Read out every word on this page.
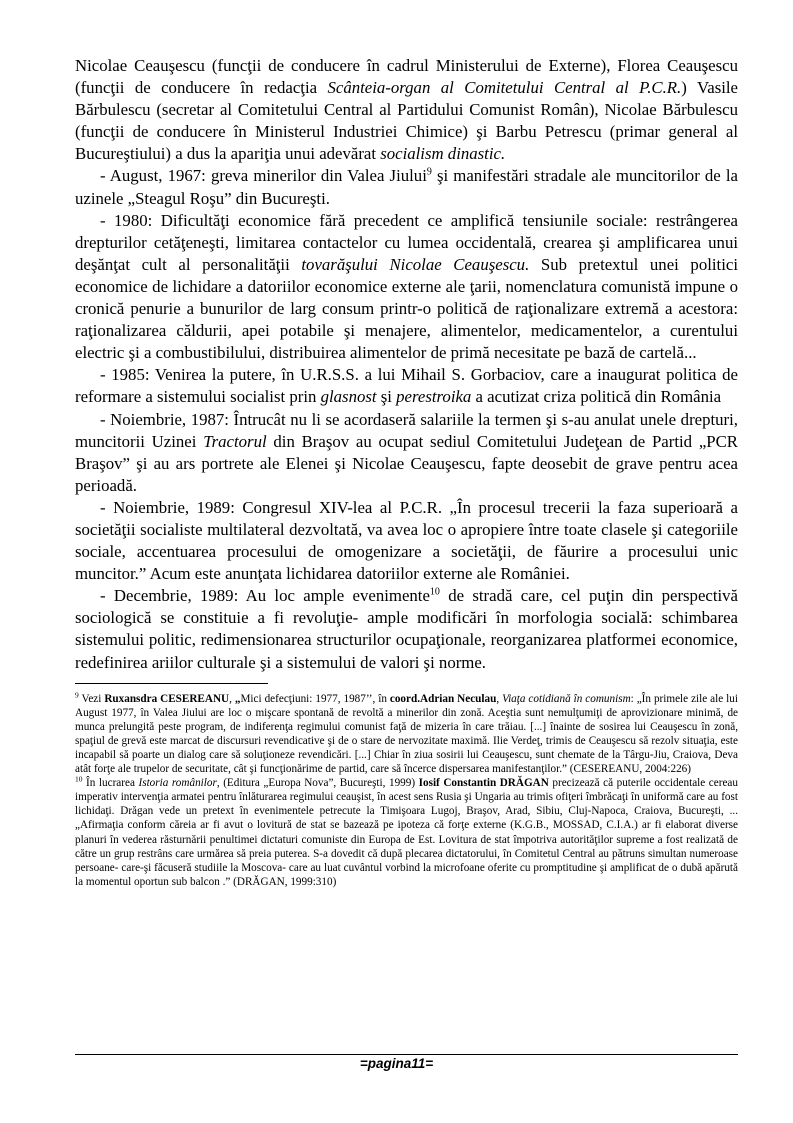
Nicolae Ceauşescu (funcţii de conducere în cadrul Ministerului de Externe), Florea Ceauşescu (funcţii de conducere în redacţia Scânteia-organ al Comitetului Central al P.C.R.) Vasile Bărbulescu (secretar al Comitetului Central al Partidului Comunist Român), Nicolae Bărbulescu (funcţii de conducere în Ministerul Industriei Chimice) şi Barbu Petrescu (primar general al Bucureştiului) a dus la apariţia unui adevărat socialism dinastic.

- August, 1967: greva minerilor din Valea Jiului$^9$ şi manifestări stradale ale muncitorilor de la uzinele „Steagul Roşu” din Bucureşti.

- 1980: Dificultăţi economice fără precedent ce amplifică tensiunile sociale: restrângerea drepturilor cetăţeneşti, limitarea contactelor cu lumea occidentală, crearea şi amplificarea unui deşănţat cult al personalităţii tovarăşului Nicolae Ceauşescu. Sub pretextul unei politici economice de lichidare a datoriilor economice externe ale ţarii, nomenclatura comunistă impune o cronică penurie a bunurilor de larg consum printr-o politică de raţionalizare extremă a acestora: raţionalizarea căldurii, apei potabile şi menajere, alimentelor, medicamentelor, a curentului electric şi a combustibilului, distribuirea alimentelor de primă necesitate pe bază de cartelă...

- 1985: Venirea la putere, în U.R.S.S. a lui Mihail S. Gorbaciov, care a inaugurat politica de reformare a sistemului socialist prin glasnost şi perestroika a acutizat criza politică din România

- Noiembrie, 1987: Întrucât nu li se acordaseră salariile la termen şi s-au anulat unele drepturi, muncitorii Uzinei Tractorul din Braşov au ocupat sediul Comitetului Judeţean de Partid „PCR Braşov” şi au ars portrete ale Elenei şi Nicolae Ceauşescu, fapte deosebit de grave pentru acea perioadă.

- Noiembrie, 1989: Congresul XIV-lea al P.C.R. „În procesul trecerii la faza superioară a societăţii socialiste multilateral dezvoltată, va avea loc o apropiere între toate clasele şi categoriile sociale, accentuarea procesului de omogenizare a societăţii, de făurire a procesului unic muncitor.” Acum este anunţata lichidarea datoriilor externe ale României.

- Decembrie, 1989: Au loc ample evenimente$^{10}$ de stradă care, cel puţin din perspectivă sociologică se constituie a fi revoluţie- ample modificări în morfologia socială: schimbarea sistemului politic, redimensionarea structurilor ocupaţionale, reorganizarea platformei economice, redefinirea ariilor culturale şi a sistemului de valori şi norme.

$^9$ Vezi Ruxansdra CESEREANU, „Mici defecţiuni: 1977, 1987’’, în coord.Adrian Neculau, Viaţa cotidiană în comunism: „În primele zile ale lui August 1977, în Valea Jiului are loc o mişcare spontană de revoltă a minerilor din zonă. Aceştia sunt nemulţumiţi de aprovizionare minimă, de munca prelungită peste program, de indiferenţa regimului comunist faţă de mizeria în care trăiau. [...] înainte de sosirea lui Ceauşescu în zonă, spaţiul de grevă este marcat de discursuri revendicative şi de o stare de nervozitate maximă. Ilie Verdeţ, trimis de Ceauşescu să rezolv situaţia, este incapabil să poarte un dialog care să soluţioneze revendicări. [...] Chiar în ziua sosirii lui Ceauşescu, sunt chemate de la Târgu-Jiu, Craiova, Deva atât forţe ale trupelor de securitate, cât şi funcţionărime de partid, care să încerce dispersarea manifestanţilor.” (CESEREANU, 2004:226)

$^{10}$ În lucrarea Istoria românilor, (Editura „Europa Nova”, Bucureşti, 1999) Iosif Constantin DRĂGAN precizează că puterile occidentale cereau imperativ intervenţia armatei pentru înlăturarea regimului ceauşist, în acest sens Rusia şi Ungaria au trimis ofiţeri îmbrăcaţi în uniformă care au fost lichidaţi. Drăgan vede un pretext în evenimentele petrecute la Timişoara Lugoj, Braşov, Arad, Sibiu, Cluj-Napoca, Craiova, Bucureşti, ... „Afirmaţia conform căreia ar fi avut o lovitură de stat se bazează pe ipoteza că forţe externe (K.G.B., MOSSAD, C.I.A.) ar fi elaborat diverse planuri în vederea răsturnării penultimei dictaturi comuniste din Europa de Est. Lovitura de stat împotriva autorităţilor supreme a fost realizată de către un grup restrâns care urmărea să preia puterea. S-a dovedit că după plecarea dictatorului, în Comitetul Central au pătruns simultan numeroase persoane- care-şi făcuseră studiile la Moscova- care au luat cuvântul vorbind la microfoane oferite cu promptitudine şi amplificat de o dubă apărută la momentul oportun sub balcon .” (DRĂGAN, 1999:310)

=pagina11=
